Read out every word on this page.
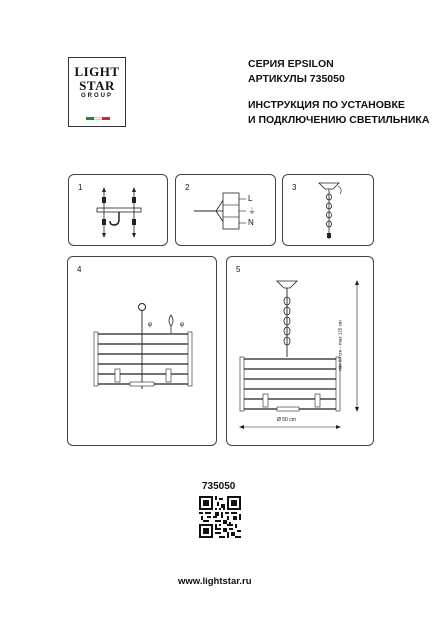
LIGHT
STAR
GROUP
СЕРИЯ EPSILON
АРТИКУЛЫ 735050
ИНСТРУКЦИЯ ПО УСТАНОВКЕ
И ПОДКЛЮЧЕНИЮ СВЕТИЛЬНИКА
1	2
L
⏚
N
3
4
φ	φ
5
Ø 50 cm
min 69 cm – max 125 cm
735050
www.lightstar.ru
